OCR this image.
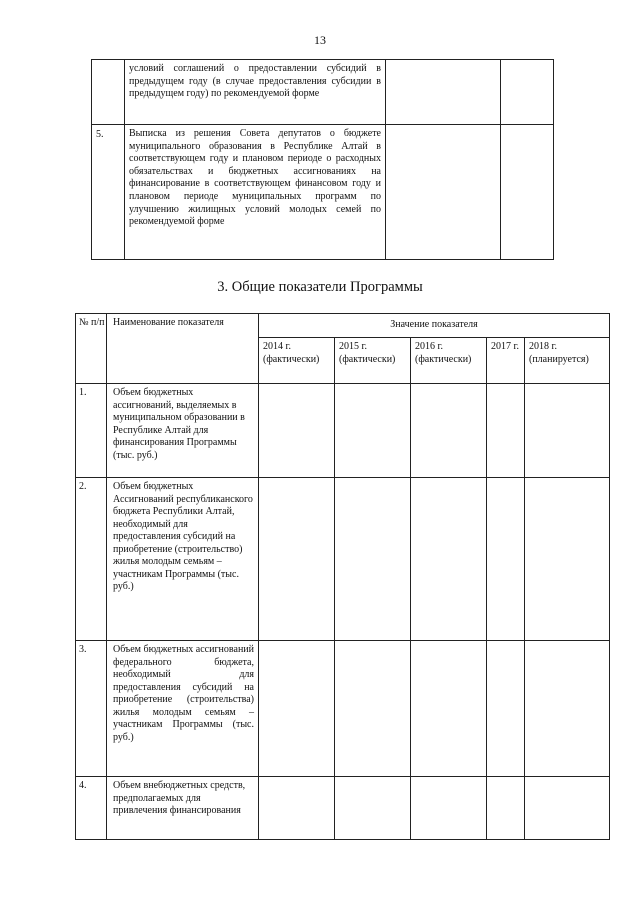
13
	условий соглашений о предоставлении субсидий в предыдущем году (в случае предоставления субсидии в предыдущем году) по рекомендуемой форме		
5.	Выписка из решения Совета депутатов о бюджете муниципального образования в Республике Алтай в соответствующем году и плановом периоде о расходных обязательствах и бюджетных ассигнованиях на финансирование в соответствующем финансовом году и плановом периоде муниципальных программ по улучшению жилищных условий молодых семей по рекомендуемой форме		
3. Общие показатели Программы
№ п/п	Наименование показателя	Значение показателя				
		2014 г. (фактически)	2015 г. (фактически)	2016 г. (фактически)	2017 г.	2018 г. (планируется)
1.	Объем бюджетных ассигнований, выделяемых в муниципальном образовании в Республике Алтай для финансирования Программы (тыс. руб.)					
2.	Объем бюджетных Ассигнований республиканского бюджета Республики Алтай, необходимый для предоставления субсидий на приобретение (строительство) жилья молодым семьям – участникам Программы (тыс. руб.)					
3.	Объем бюджетных ассигнований федерального бюджета, необходимый для предоставления субсидий на приобретение (строительства) жилья молодым семьям – участникам Программы (тыс. руб.)					
4.	Объем внебюджетных средств, предполагаемых для привлечения финансирования					
